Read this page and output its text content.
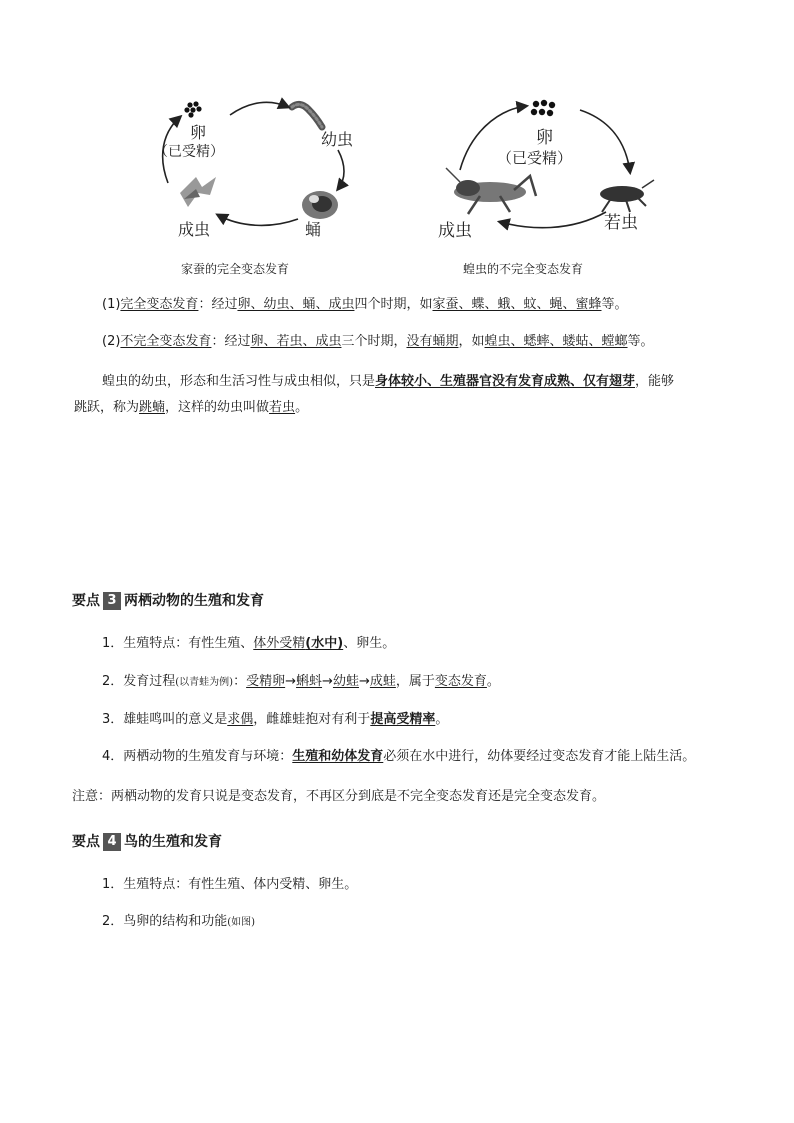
卵
（已受精）
幼虫
蛹
成虫
家蚕的完全变态发育
卵
（已受精）
若虫
成虫
蝗虫的不完全变态发育
(1)完全变态发育：经过卵、幼虫、蛹、成虫四个时期，如家蚕、蝶、蛾、蚊、蝇、蜜蜂等。
(2)不完全变态发育：经过卵、若虫、成虫三个时期，没有蛹期，如蝗虫、蟋蟀、蝼蛄、螳螂等。
蝗虫的幼虫，形态和生活习性与成虫相似，只是身体较小、生殖器官没有发育成熟、仅有翅芽，能够
跳跃，称为跳蝻，这样的幼虫叫做若虫。
要点 3 两栖动物的生殖和发育
1．生殖特点：有性生殖、体外受精(水中)、卵生。
2．发育过程(以青蛙为例)：受精卵→蝌蚪→幼蛙→成蛙，属于变态发育。
3．雄蛙鸣叫的意义是求偶，雌雄蛙抱对有利于提高受精率。
4．两栖动物的生殖发育与环境：生殖和幼体发育必须在水中进行，幼体要经过变态发育才能上陆生活。
注意：两栖动物的发育只说是变态发育，不再区分到底是不完全变态发育还是完全变态发育。
要点 4 鸟的生殖和发育
1．生殖特点：有性生殖、体内受精、卵生。
2．鸟卵的结构和功能(如图)
